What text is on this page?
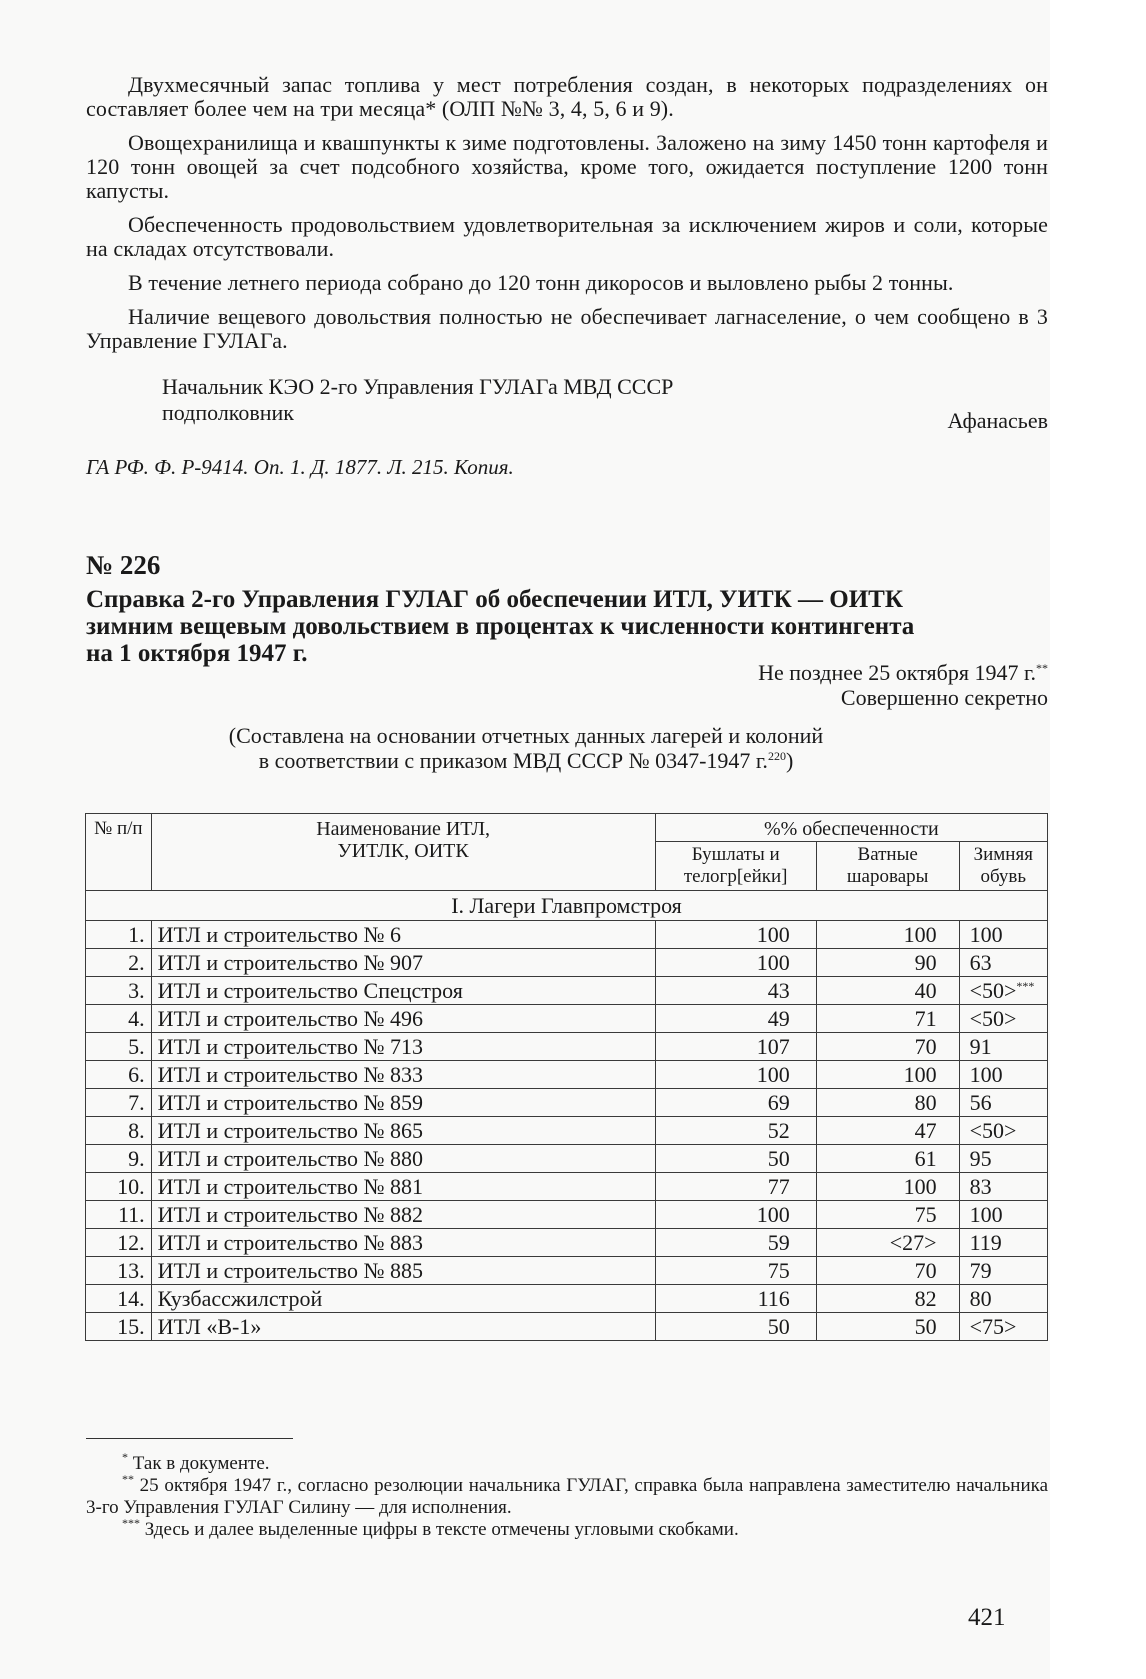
Двухмесячный запас топлива у мест потребления создан, в некоторых подразделениях он составляет более чем на три месяца* (ОЛП №№ 3, 4, 5, 6 и 9).

Овощехранилища и квашпункты к зиме подготовлены. Заложено на зиму 1450 тонн картофеля и 120 тонн овощей за счет подсобного хозяйства, кроме того, ожидается поступление 1200 тонн капусты.

Обеспеченность продовольствием удовлетворительная за исключением жиров и соли, которые на складах отсутствовали.

В течение летнего периода собрано до 120 тонн дикоросов и выловлено рыбы 2 тонны.

Наличие вещевого довольствия полностью не обеспечивает лагнаселение, о чем сообщено в 3 Управление ГУЛАГа.

Начальник КЭО 2-го Управления ГУЛАГа МВД СССР
подполковник	Афанасьев
ГА РФ. Ф. Р-9414. Оп. 1. Д. 1877. Л. 215. Копия.
№ 226
Справка 2-го Управления ГУЛАГ об обеспечении ИТЛ, УИТК — ОИТК зимним вещевым довольствием в процентах к численности контингента на 1 октября 1947 г.
Не позднее 25 октября 1947 г.**
Совершенно секретно
(Составлена на основании отчетных данных лагерей и колоний
в соответствии с приказом МВД СССР № 0347-1947 г.$^{220}$)
№ п/п	Наименование ИТЛ, УИТЛК, ОИТК	%% обеспеченности		
		Бушлаты и телогр[ейки]	Ватные шаровары	Зимняя обувь
I. Лагери Главпромстроя				
1.	ИТЛ и строительство № 6	100	100	100
2.	ИТЛ и строительство № 907	100	90	63
3.	ИТЛ и строительство Спецстроя	43	40	<50>***
4.	ИТЛ и строительство № 496	49	71	<50>
5.	ИТЛ и строительство № 713	107	70	91
6.	ИТЛ и строительство № 833	100	100	100
7.	ИТЛ и строительство № 859	69	80	56
8.	ИТЛ и строительство № 865	52	47	<50>
9.	ИТЛ и строительство № 880	50	61	95
10.	ИТЛ и строительство № 881	77	100	83
11.	ИТЛ и строительство № 882	100	75	100
12.	ИТЛ и строительство № 883	59	<27>	119
13.	ИТЛ и строительство № 885	75	70	79
14.	Кузбассжилстрой	116	82	80
15.	ИТЛ «В-1»	50	50	<75>

* Так в документе.

** 25 октября 1947 г., согласно резолюции начальника ГУЛАГ, справка была направлена заместителю начальника 3-го Управления ГУЛАГ Силину — для исполнения.

*** Здесь и далее выделенные цифры в тексте отмечены угловыми скобками.

421
